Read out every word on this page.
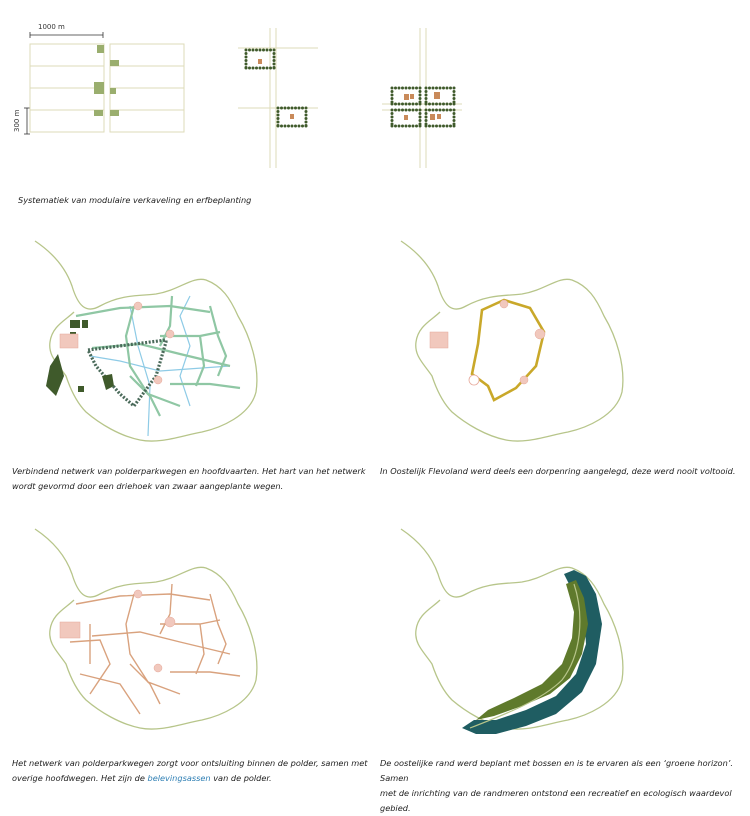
1000 m
300 m
Systematiek van modulaire verkaveling en erfbeplanting
Verbindend netwerk van polderparkwegen en hoofdvaarten. Het hart van het netwerk
wordt gevormd door een driehoek van zwaar aangeplante wegen.
In Oostelijk Flevoland werd deels een dorpenring aangelegd, deze werd nooit voltooid.
Het netwerk van polderparkwegen zorgt voor ontsluiting binnen de polder, samen met
overige hoofdwegen. Het zijn de belevingsassen van de polder.
De oostelijke rand werd beplant met bossen en is te ervaren als een ‘groene horizon’. Samen
met de inrichting van de randmeren ontstond een recreatief en ecologisch waardevol gebied.
